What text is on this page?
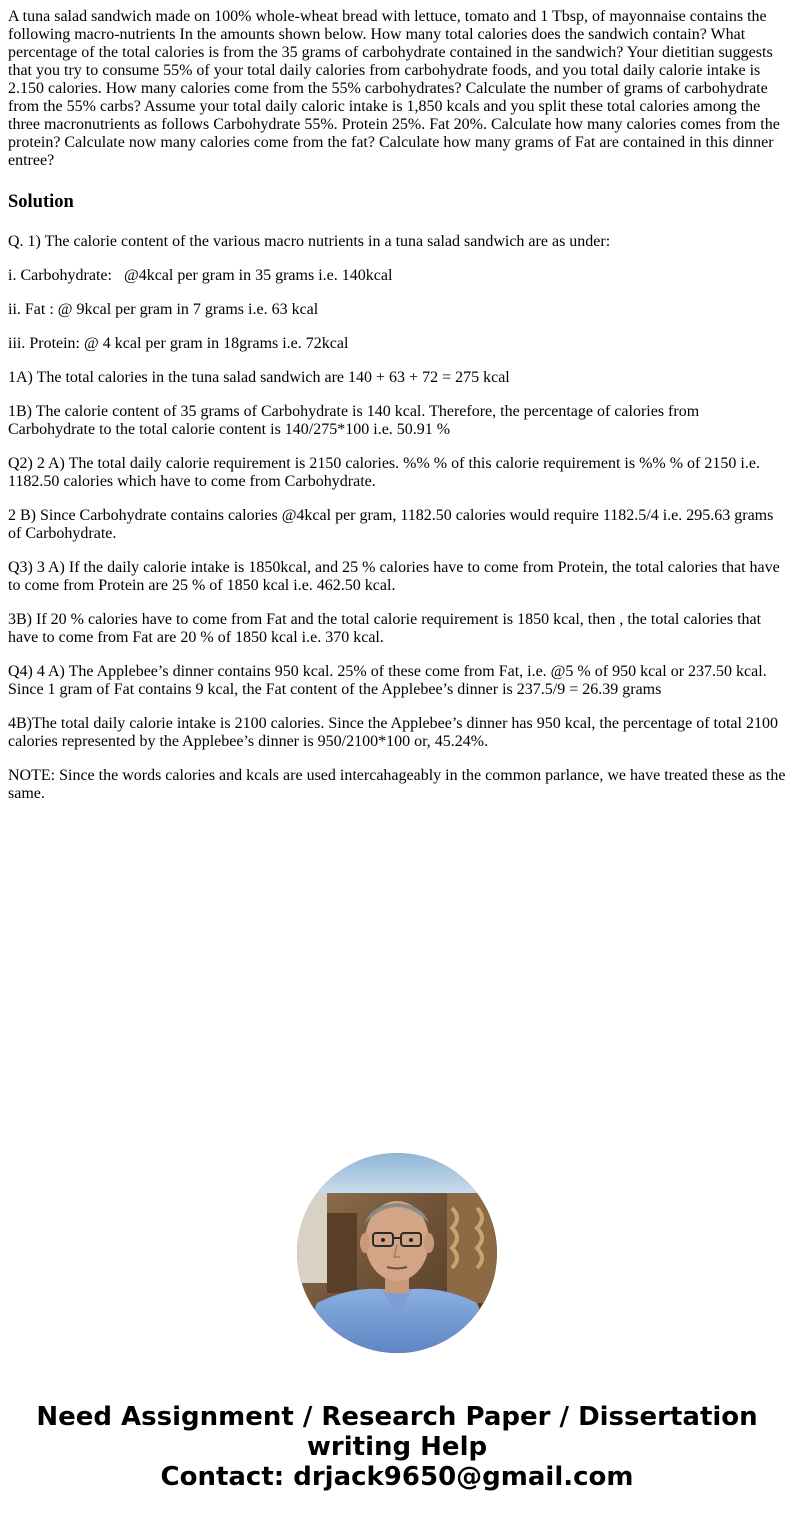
A tuna salad sandwich made on 100% whole-wheat bread with lettuce, tomato and 1 Tbsp, of mayonnaise contains the following macro-nutrients In the amounts shown below. How many total calories does the sandwich contain? What percentage of the total calories is from the 35 grams of carbohydrate contained in the sandwich? Your dietitian suggests that you try to consume 55% of your total daily calories from carbohydrate foods, and you total daily calorie intake is 2.150 calories. How many calories come from the 55% carbohydrates? Calculate the number of grams of carbohydrate from the 55% carbs? Assume your total daily caloric intake is 1,850 kcals and you split these total calories among the three macronutrients as follows Carbohydrate 55%. Protein 25%. Fat 20%. Calculate how many calories comes from the protein? Calculate now many calories come from the fat? Calculate how many grams of Fat are contained in this dinner entree?

Solution

Q. 1) The calorie content of the various macro nutrients in a tuna salad sandwich are as under:

i. Carbohydrate:   @4kcal per gram in 35 grams i.e. 140kcal

ii. Fat : @ 9kcal per gram in 7 grams i.e. 63 kcal

iii. Protein: @ 4 kcal per gram in 18grams i.e. 72kcal

1A) The total calories in the tuna salad sandwich are 140 + 63 + 72 = 275 kcal

1B) The calorie content of 35 grams of Carbohydrate is 140 kcal. Therefore, the percentage of calories from Carbohydrate to the total calorie content is 140/275*100 i.e. 50.91 %

Q2) 2 A) The total daily calorie requirement is 2150 calories. %% % of this calorie requirement is %% % of 2150 i.e. 1182.50 calories which have to come from Carbohydrate.

2 B) Since Carbohydrate contains calories @4kcal per gram, 1182.50 calories would require 1182.5/4 i.e. 295.63 grams of Carbohydrate.

Q3) 3 A) If the daily calorie intake is 1850kcal, and 25 % calories have to come from Protein, the total calories that have to come from Protein are 25 % of 1850 kcal i.e. 462.50 kcal.

3B) If 20 % calories have to come from Fat and the total calorie requirement is 1850 kcal, then , the total calories that have to come from Fat are 20 % of 1850 kcal i.e. 370 kcal.

Q4) 4 A) The Applebee’s dinner contains 950 kcal. 25% of these come from Fat, i.e. @5 % of 950 kcal or 237.50 kcal. Since 1 gram of Fat contains 9 kcal, the Fat content of the Applebee’s dinner is 237.5/9 = 26.39 grams

4B)The total daily calorie intake is 2100 calories. Since the Applebee’s dinner has 950 kcal, the percentage of total 2100 calories represented by the Applebee’s dinner is 950/2100*100 or, 45.24%.

NOTE: Since the words calories and kcals are used intercahageably in the common parlance, we have treated these as the same.

Need Assignment / Research Paper / Dissertation
writing Help
Contact: drjack9650@gmail.com
